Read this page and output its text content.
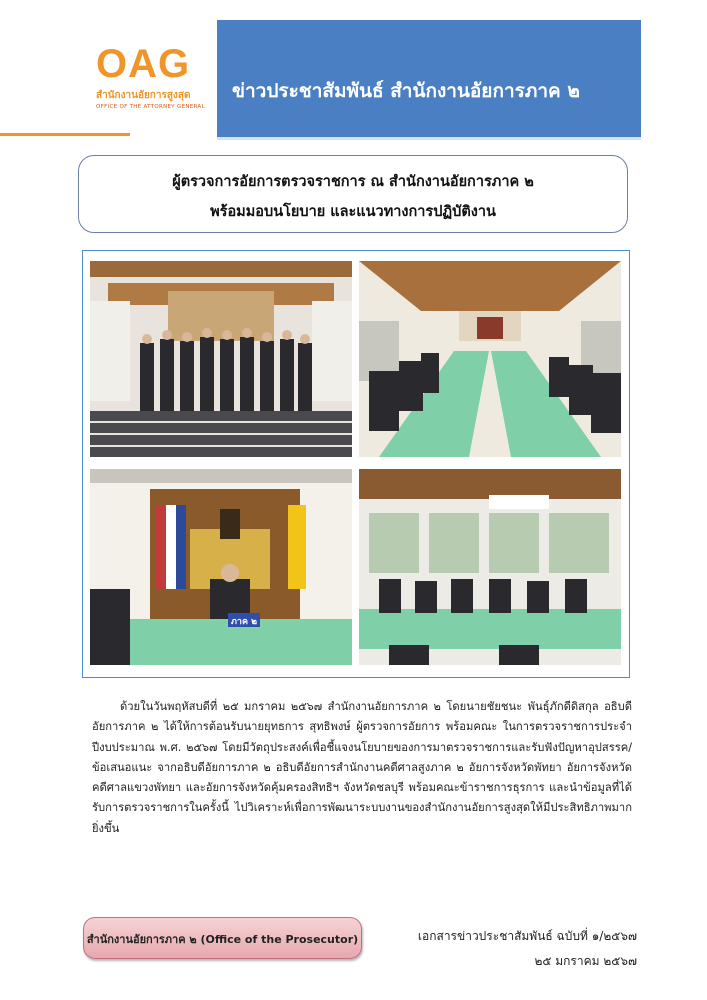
OAG
สำนักงานอัยการสูงสุด
OFFICE OF THE ATTORNEY GENERAL
ข่าวประชาสัมพันธ์ สำนักงานอัยการภาค ๒
ผู้ตรวจการอัยการตรวจราชการ ณ สำนักงานอัยการภาค ๒
พร้อมมอบนโยบาย และแนวทางการปฏิบัติงาน
ภาค ๒

ด้วยในวันพฤหัสบดีที่ ๒๕ มกราคม ๒๕๖๗ สำนักงานอัยการภาค ๒ โดยนายชัยชนะ พันธุ์ภักดีดิสกุล อธิบดีอัยการภาค ๒ ได้ให้การต้อนรับนายยุทธการ สุทธิพงษ์ ผู้ตรวจการอัยการ พร้อมคณะ ในการตรวจราชการประจำปีงบประมาณ พ.ศ. ๒๕๖๗ โดยมีวัตถุประสงค์เพื่อชี้แจงนโยบายของการมาตรวจราชการและรับฟังปัญหาอุปสรรค/ข้อเสนอแนะ จากอธิบดีอัยการภาค ๒ อธิบดีอัยการสำนักงานคดีศาลสูงภาค ๒ อัยการจังหวัดพัทยา อัยการจังหวัดคดีศาลแขวงพัทยา และอัยการจังหวัดคุ้มครองสิทธิฯ จังหวัดชลบุรี พร้อมคณะข้าราชการธุรการ และนำข้อมูลที่ได้รับการตรวจราชการในครั้งนี้ ไปวิเคราะห์เพื่อการพัฒนาระบบงานของสำนักงานอัยการสูงสุดให้มีประสิทธิภาพมากยิ่งขึ้น

สำนักงานอัยการภาค ๒ (Office of the Prosecutor)	เอกสารข่าวประชาสัมพันธ์ ฉบับที่ ๑/๒๕๖๗
๒๕ มกราคม ๒๕๖๗
